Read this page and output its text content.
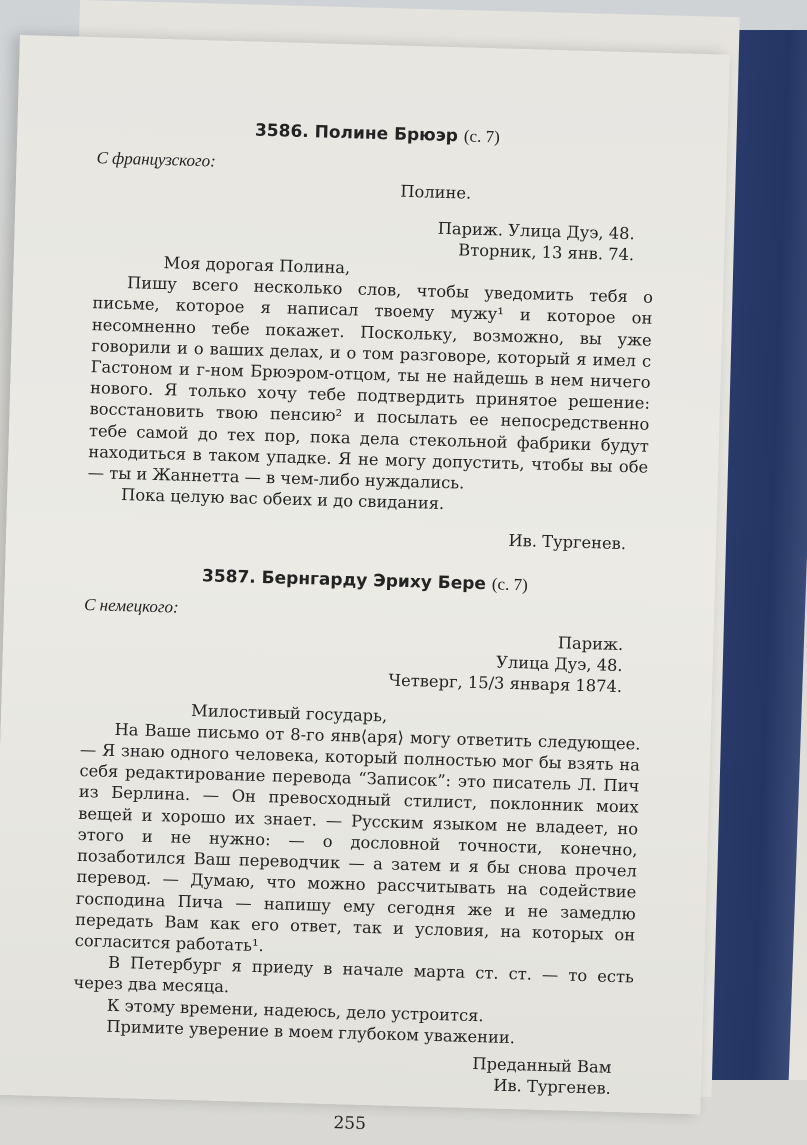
3586. Полине Брюэр (с. 7)
С французского:
Полине.
Париж. Улица Дуэ, 48.
Вторник, 13 янв. 74.
Моя дорогая Полина,

Пишу всего несколько слов, чтобы уведомить тебя о письме, которое я написал твоему мужу¹ и которое он несомненно тебе покажет. Поскольку, возможно, вы уже говорили и о ваших делах, и о том разговоре, который я имел с Гастоном и г-ном Брюэром-отцом, ты не найдешь в нем ничего нового. Я только хочу тебе подтвердить принятое решение: восстановить твою пенсию² и посылать ее непосредственно тебе самой до тех пор, пока дела стекольной фабрики будут находиться в таком упадке. Я не могу допустить, чтобы вы обе — ты и Жаннетта — в чем-либо нуждались.

Пока целую вас обеих и до свидания.

Ив. Тургенев.
3587. Бернгарду Эриху Бере (с. 7)
С немецкого:
Париж.
Улица Дуэ, 48.
Четверг, 15/3 января 1874.
Милостивый государь,

На Ваше письмо от 8-го янв⟨аря⟩ могу ответить следующее. — Я знаю одного человека, который полностью мог бы взять на себя редактирование перевода “Записок”: это писатель Л. Пич из Берлина. — Он превосходный стилист, поклонник моих вещей и хорошо их знает. — Русским языком не владеет, но этого и не нужно: — о дословной точности, конечно, позаботился Ваш переводчик — а затем и я бы снова прочел перевод. — Думаю, что можно рассчитывать на содействие господина Пича — напишу ему сегодня же и не замедлю передать Вам как его ответ, так и условия, на которых он согласится работать¹.

В Петербург я приеду в начале марта ст. ст. — то есть через два месяца.

К этому времени, надеюсь, дело устроится.

Примите уверение в моем глубоком уважении.

Преданный Вам
Ив. Тургенев.
255
